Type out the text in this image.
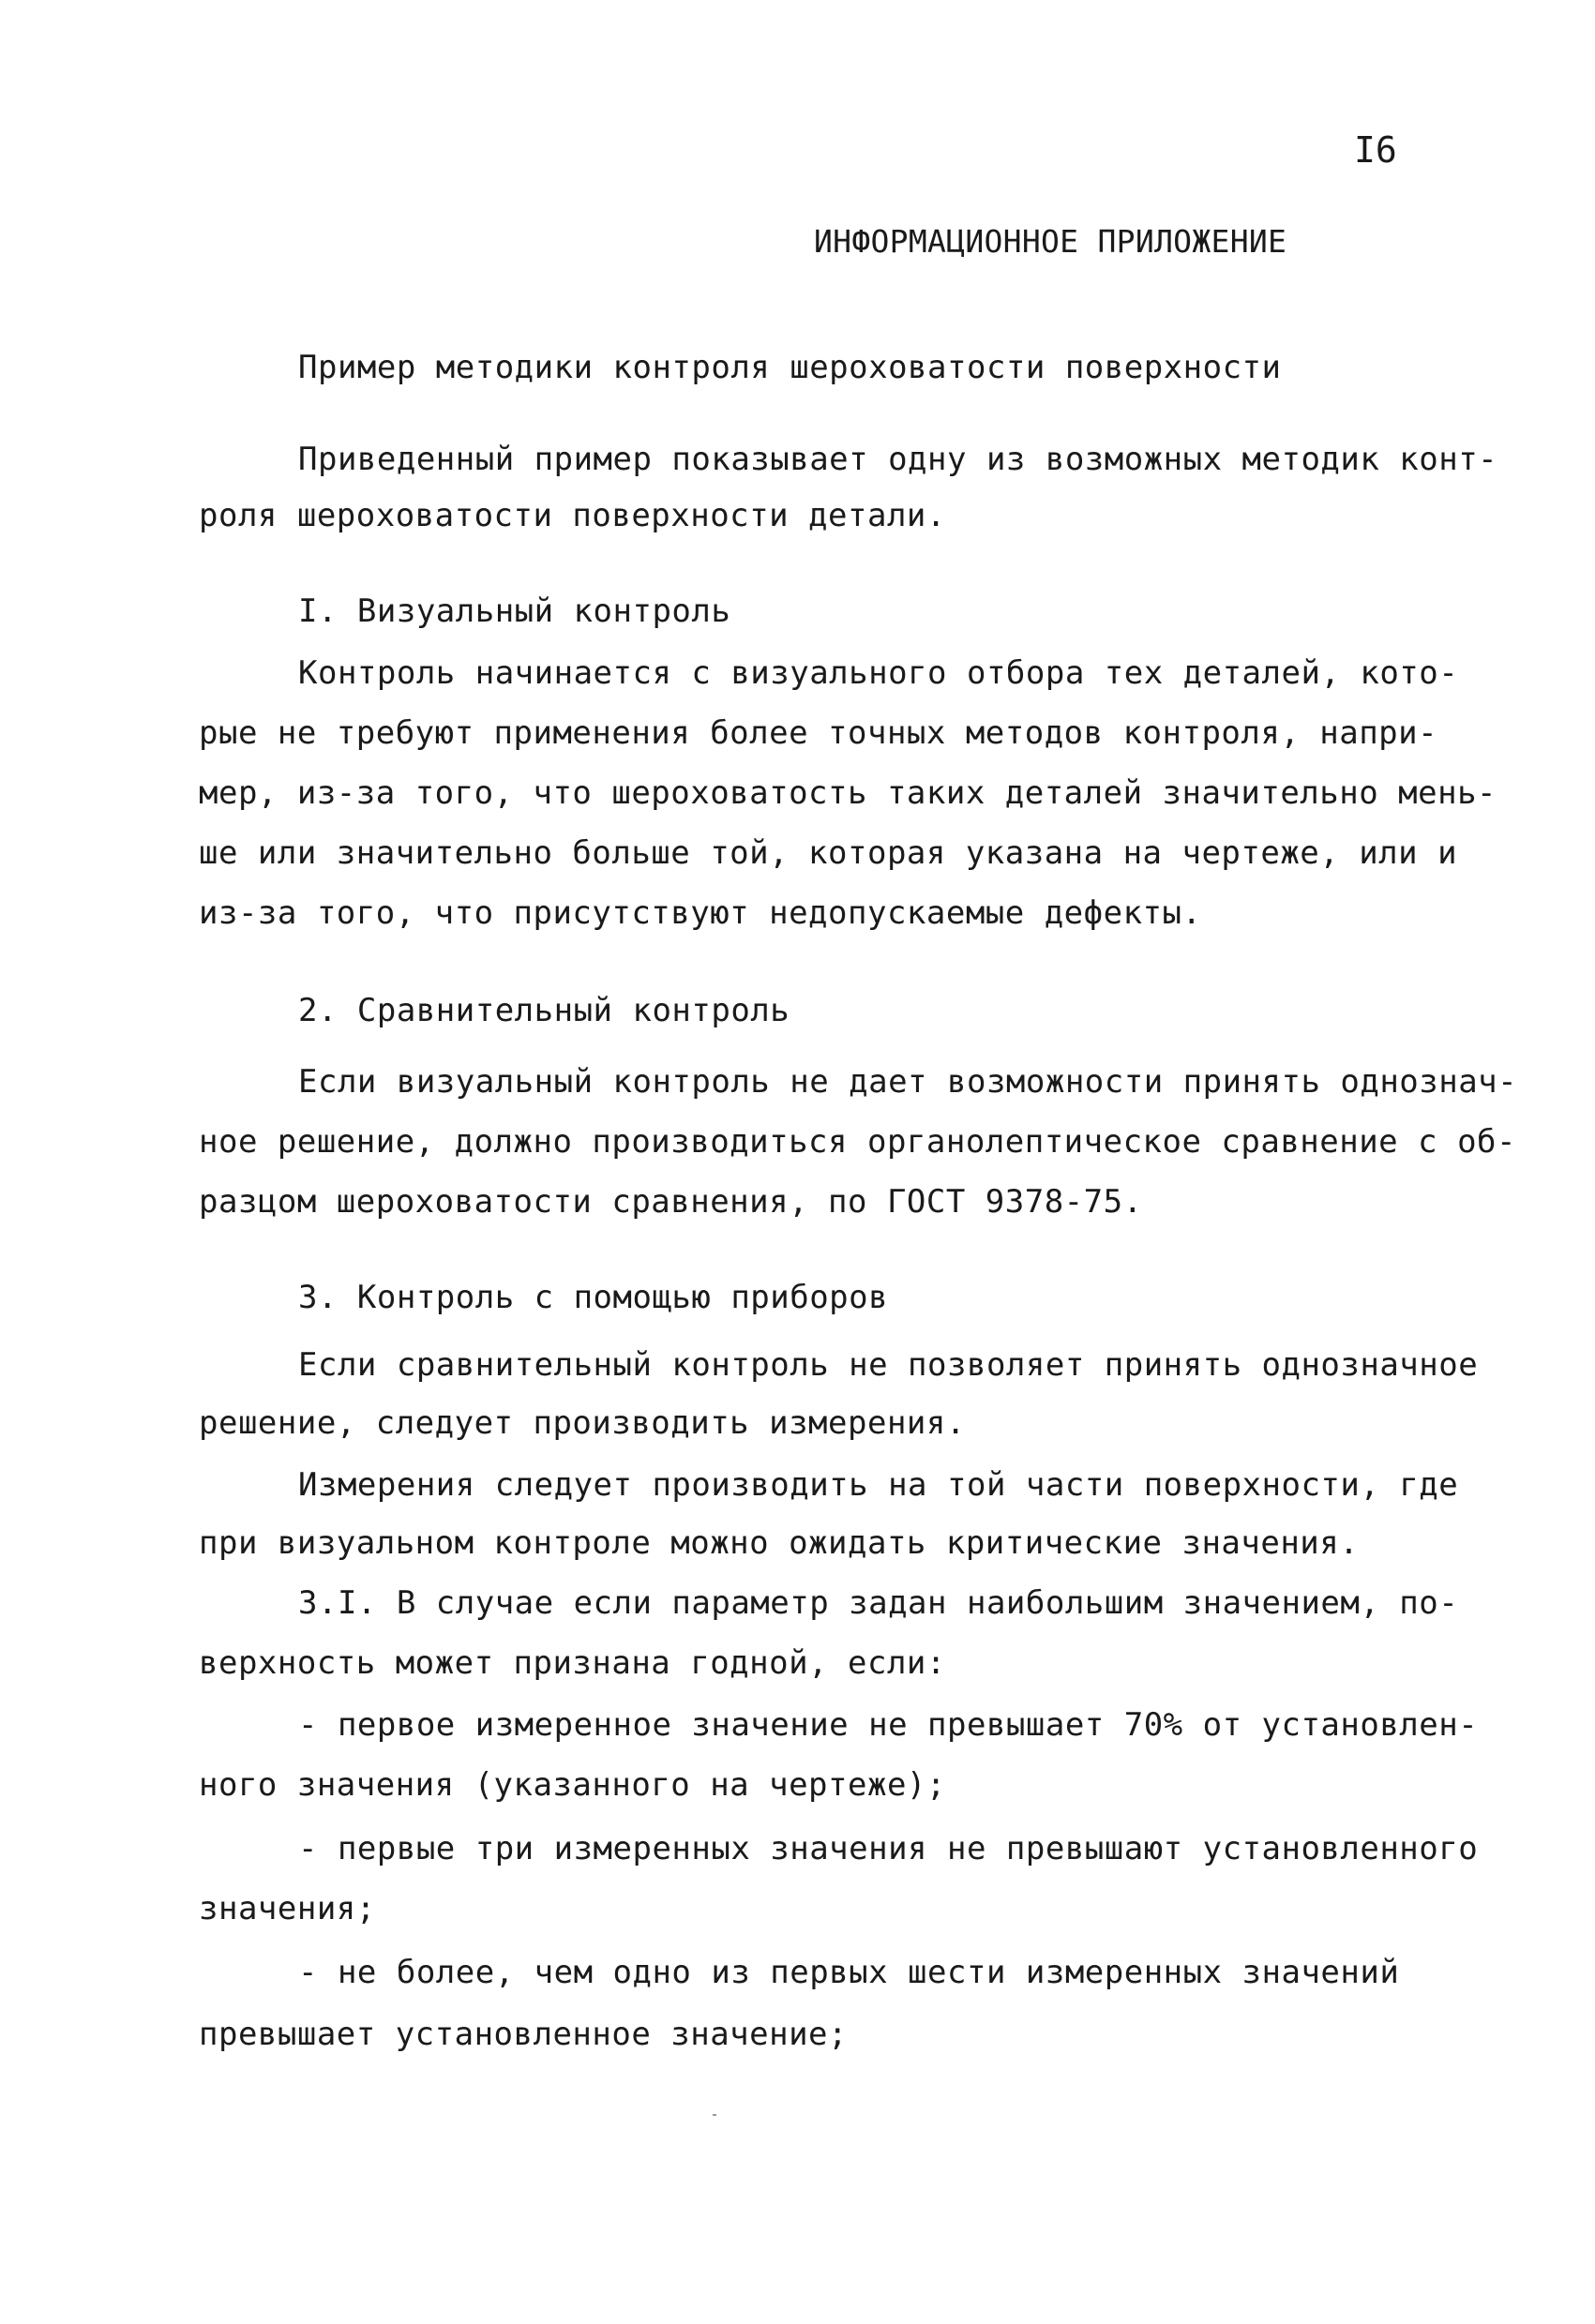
I6
ИНФОРМАЦИОННОЕ ПРИЛОЖЕНИЕ
Пример методики контроля шероховатости поверхности
Приведенный пример показывает одну из возможных методик конт-
роля шероховатости поверхности детали.
I. Визуальный контроль
Контроль начинается с визуального отбора тех деталей, кото-
рые не требуют применения более точных методов контроля, напри-
мер, из-за того, что шероховатость таких деталей значительно мень-
ше или значительно больше той, которая указана на чертеже, или и
из-за того, что присутствуют недопускаемые дефекты.
2. Сравнительный контроль
Если визуальный контроль не дает возможности принять однознач-
ное решение, должно производиться органолептическое сравнение с об-
разцом шероховатости сравнения, по ГОСТ 9378-75.
3. Контроль с помощью приборов
Если сравнительный контроль не позволяет принять однозначное
решение, следует производить измерения.
Измерения следует производить на той части поверхности, где
при визуальном контроле можно ожидать критические значения.
3.I. В случае если параметр задан наибольшим значением, по-
верхность может признана годной, если:
- первое измеренное значение не превышает 70% от установлен-
ного значения (указанного на чертеже);
- первые три измеренных значения не превышают установленного
значения;
- не более, чем одно из первых шести измеренных значений
превышает установленное значение;
